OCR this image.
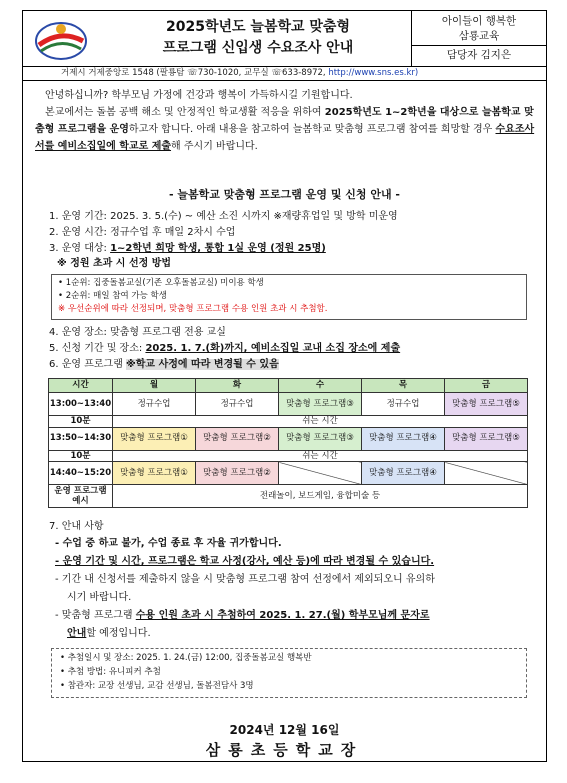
2025학년도 늘봄학교 맞춤형
프로그램 신입생 수요조사 안내
아이들이 행복한
삼룡교육
담당자 김지은
거제시 거제중앙로 1548 (팔룡탐 ☏730-1020, 교무실 ☏633-8972, http://www.sns.es.kr)
안녕하십니까? 학부모님 가정에 건강과 행복이 가득하시길 기원합니다.
본교에서는 돌봄 공백 해소 및 안정적인 학교생활 적응을 위하여 2025학년도 1~2학년을 대상으로 늘봄학교 맞춤형 프로그램을 운영하고자 합니다. 아래 내용을 참고하여 늘봄학교 맞춤형 프로그램 참여를 희망할 경우 수요조사서를 예비소집일에 학교로 제출해 주시기 바랍니다.
- 늘봄학교 맞춤형 프로그램 운영 및 신청 안내 -
1. 운영 기간: 2025. 3. 5.(수) ~ 예산 소진 시까지 ※재량휴업일 및 방학 미운영
2. 운영 시간: 정규수업 후 매일 2차시 수업
3. 운영 대상: 1~2학년 희망 학생, 통합 1실 운영 (정원 25명)
※ 정원 초과 시 선정 방법
• 1순위: 집중돌봄교실(기존 오후돌봄교실) 미이용 학생
• 2순위: 매일 참여 가능 학생
※ 우선순위에 따라 선정되며, 맞춤형 프로그램 수용 인원 초과 시 추첨함.
4. 운영 장소: 맞춤형 프로그램 전용 교실
5. 신청 기간 및 장소: 2025. 1. 7.(화)까지, 예비소집일 교내 소집 장소에 제출
6. 운영 프로그램 ※학교 사정에 따라 변경될 수 있음
시간	월	화	수	목	금
13:00~13:40	정규수업	정규수업	맞춤형 프로그램③	정규수업	맞춤형 프로그램⑤
10분	쉬는 시간				
13:50~14:30	맞춤형 프로그램①	맞춤형 프로그램②	맞춤형 프로그램③	맞춤형 프로그램④	맞춤형 프로그램⑤
10분	쉬는 시간				
14:40~15:20	맞춤형 프로그램①	맞춤형 프로그램②		맞춤형 프로그램④	
운영 프로그램 예시	전래놀이, 보드게임, 융합미술 등				
7. 안내 사항
- 수업 중 하교 불가, 수업 종료 후 자율 귀가합니다.
- 운영 기간 및 시간, 프로그램은 학교 사정(강사, 예산 등)에 따라 변경될 수 있습니다.
- 기간 내 신청서를 제출하지 않을 시 맞춤형 프로그램 참여 선정에서 제외되오니 유의하
시기 바랍니다.
- 맞춤형 프로그램 수용 인원 초과 시 추첨하여 2025. 1. 27.(월) 학부모님께 문자로
안내할 예정입니다.
• 추첨일시 및 장소: 2025. 1. 24.(금) 12:00, 집중돌봄교실 행복반
• 추첨 방법: 유니피커 추첨
• 참관자: 교장 선생님, 교감 선생님, 돌봄전담사 3명
2024년 12월 16일
삼룡초등학교장
